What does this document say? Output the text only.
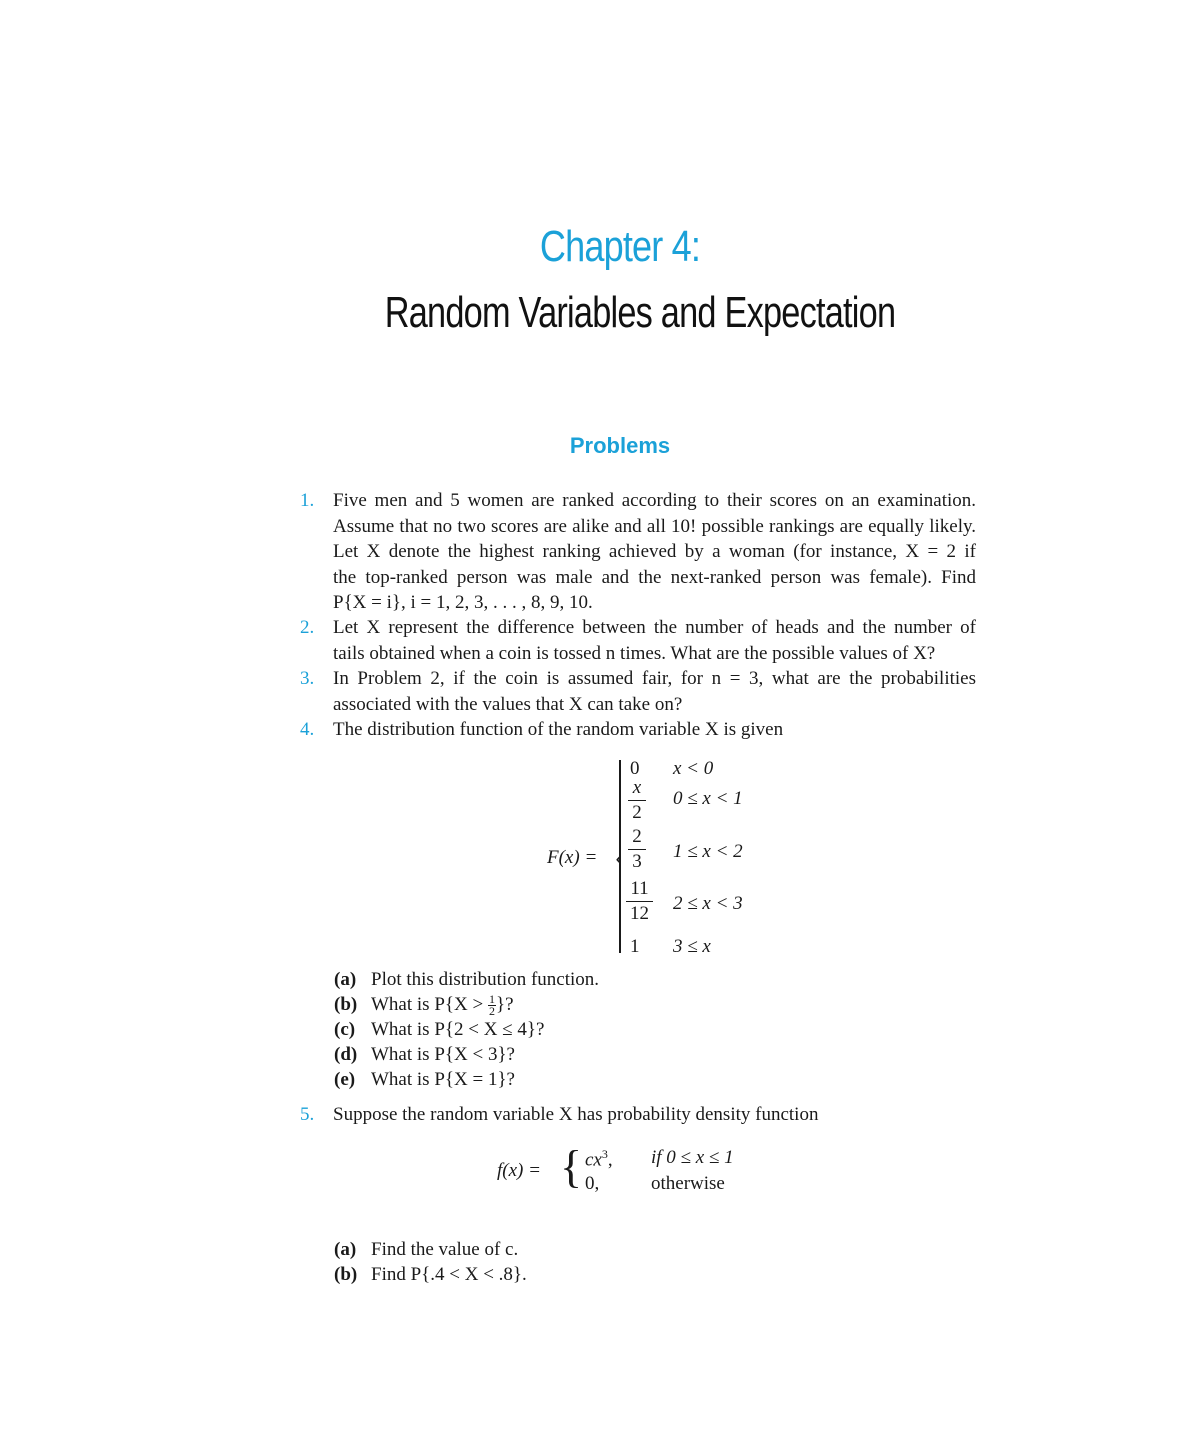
Chapter 4:
Random Variables and Expectation
Problems
1. Five men and 5 women are ranked according to their scores on an examination.
Assume that no two scores are alike and all 10! possible rankings are equally likely.
Let X denote the highest ranking achieved by a woman (for instance, X = 2 if
the top-ranked person was male and the next-ranked person was female). Find
P{X = i}, i = 1, 2, 3, . . . , 8, 9, 10.
2. Let X represent the difference between the number of heads and the number of
tails obtained when a coin is tossed n times. What are the possible values of X?
3. In Problem 2, if the coin is assumed fair, for n = 3, what are the probabilities
associated with the values that X can take on?
4. The distribution function of the random variable X is given
F(x) = ‹
0 x < 0
x
2
0 ≤ x < 1
2
3 1 ≤ x < 2
11
12 2 ≤ x < 3
1 3 ≤ x
(a) Plot this distribution function.
(b) What is $P\{X > \frac{1}{2}\}$?
(c) What is P{2 < X ≤ 4}?
(d) What is P{X < 3}?
(e) What is P{X = 1}?
5. Suppose the random variable X has probability density function
f(x) = { $cx^3$, if 0 ≤ x ≤ 1
0,	otherwise
(a) Find the value of c.
(b) Find P{.4 < X < .8}.
